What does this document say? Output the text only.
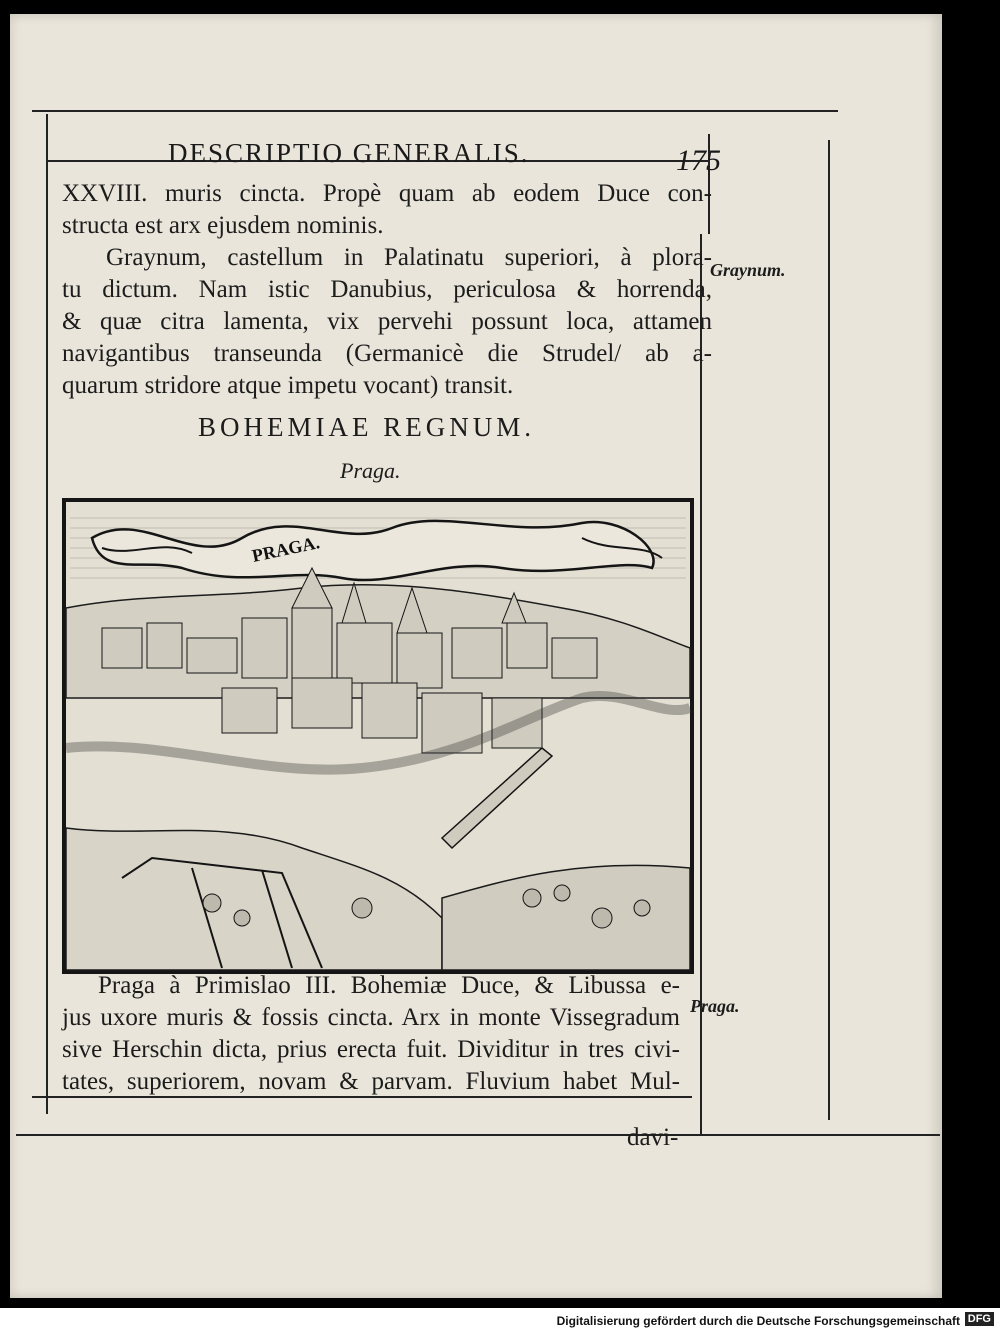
DESCRIPTIO GENERALIS.	175
XXVIII. muris cincta. Propè quam ab eodem Duce con-
structa est arx ejusdem nominis.
Graynum, castellum in Palatinatu superiori, à plora-
tu dictum. Nam istic Danubius, periculosa & horrenda,
& quæ citra lamenta, vix pervehi possunt loca, attamen
navigantibus transeunda (Germanicè die Strudel/ ab a-
quarum stridore atque impetu vocant) transit.
BOHEMIAE REGNUM.
Praga.
Graynum.
Praga.
PRAGA.
Praga à Primislao III. Bohemiæ Duce, & Libussa e-
jus uxore muris & fossis cincta. Arx in monte Vissegradum
sive Herschin dicta, prius erecta fuit. Dividitur in tres civi-
tates, superiorem, novam & parvam. Fluvium habet Mul-
davi-
Digitalisierung gefördert durch die Deutsche Forschungsgemeinschaft DFG
